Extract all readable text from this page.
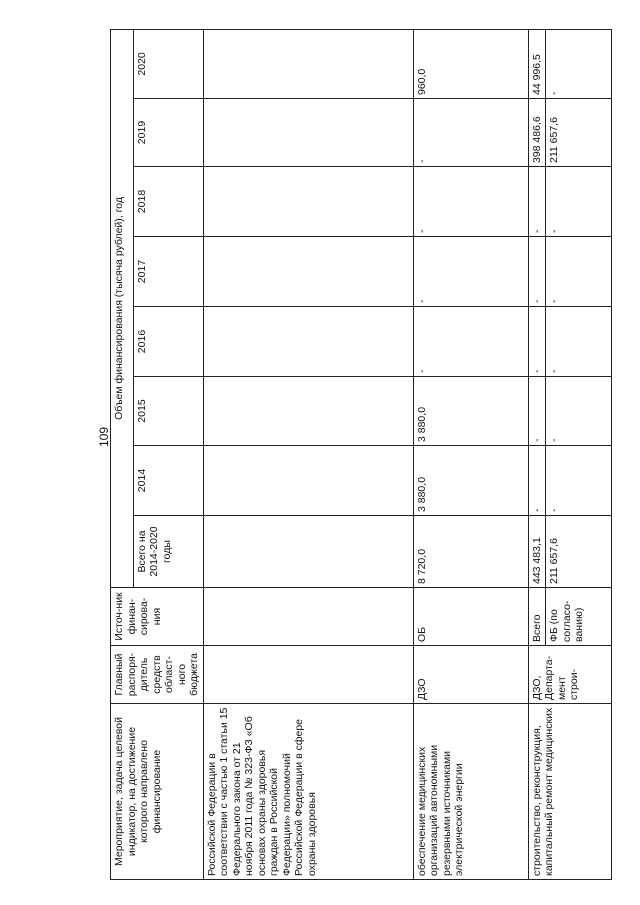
109
Мероприятие, задача целевой индикатор, на достижение которого направлено финансирование	Главный распоря-дитель средств област-ного бюджета	Источ-ник финан-сирова-ния	Объем финансирования (тысяча рублей), год							
			Всего на 2014-2020 годы	2014	2015	2016	2017	2018	2019	2020
Российской Федерации в соответствии с частью 1 статьи 15 Федерального закона от 21 ноября 2011 года № 323-ФЗ «Об основах охраны здоровья граждан в Российской Федерации» полномочий Российской Федерации в сфере охраны здоровья										
обеспечение медицинских организаций автономными резервными источниками электрической энергии	ДЗО	ОБ	8 720,0	3 880,0	3 880,0	-	-	-	-	960,0
строительство, реконструкция, капитальный ремонт медицинских	ДЗО, Департа-мент строи-	Всего	443 483,1	-	-	-	-	-	398 486,6	44 996,5
		ФБ (по согласо-ванию)	211 657,6	-	-	-	-	-	211 657,6	-
